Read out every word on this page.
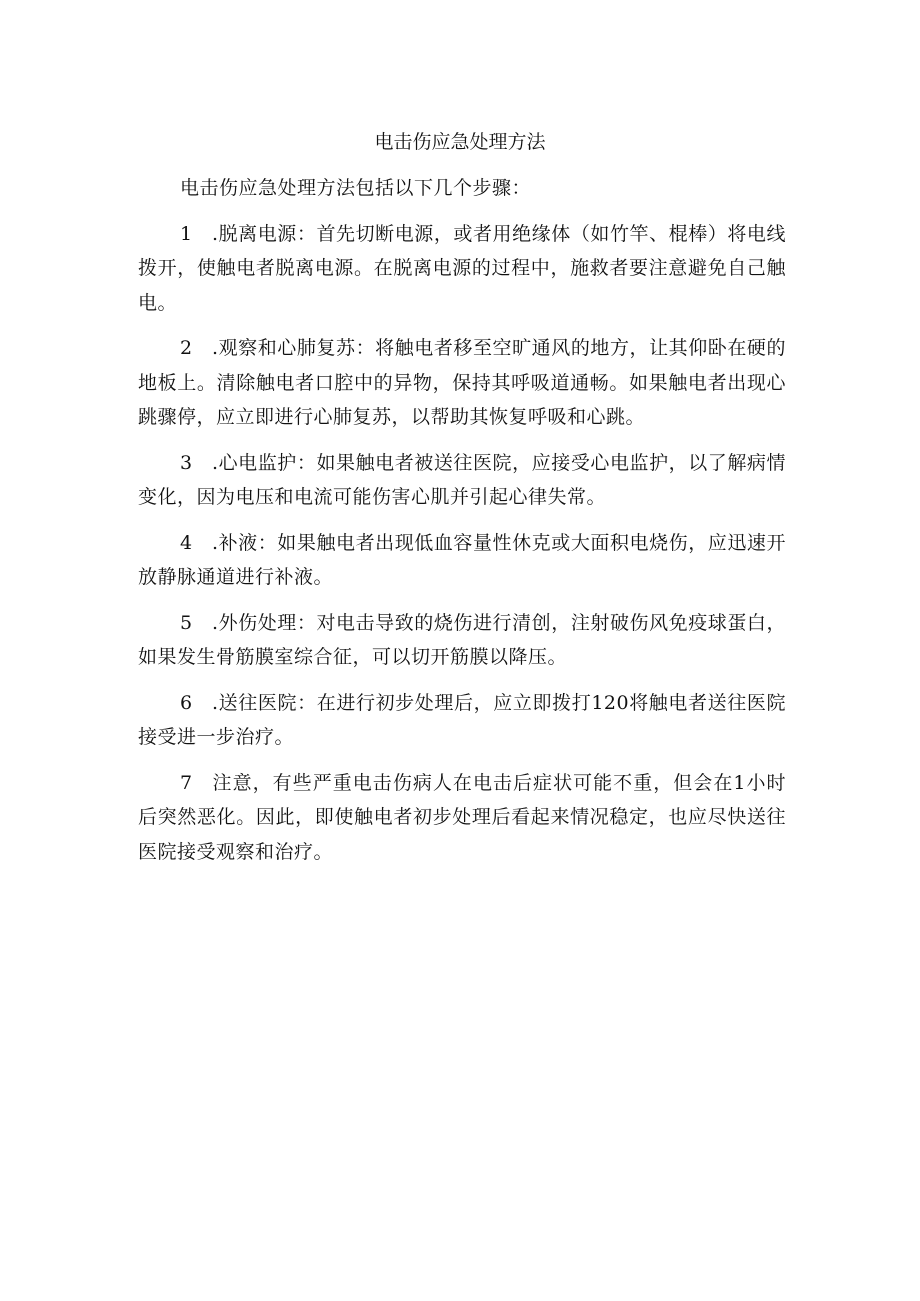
电击伤应急处理方法

电击伤应急处理方法包括以下几个步骤：

1 .脱离电源：首先切断电源，或者用绝缘体（如竹竿、棍棒）将电线拨开，使触电者脱离电源。在脱离电源的过程中，施救者要注意避免自己触电。

2 .观察和心肺复苏：将触电者移至空旷通风的地方，让其仰卧在硬的地板上。清除触电者口腔中的异物，保持其呼吸道通畅。如果触电者出现心跳骤停，应立即进行心肺复苏，以帮助其恢复呼吸和心跳。

3 .心电监护：如果触电者被送往医院，应接受心电监护，以了解病情变化，因为电压和电流可能伤害心肌并引起心律失常。

4 .补液：如果触电者出现低血容量性休克或大面积电烧伤，应迅速开放静脉通道进行补液。

5 .外伤处理：对电击导致的烧伤进行清创，注射破伤风免疫球蛋白，如果发生骨筋膜室综合征，可以切开筋膜以降压。

6 .送往医院：在进行初步处理后，应立即拨打120将触电者送往医院接受进一步治疗。

7 注意，有些严重电击伤病人在电击后症状可能不重，但会在1小时后突然恶化。因此，即使触电者初步处理后看起来情况稳定，也应尽快送往医院接受观察和治疗。
